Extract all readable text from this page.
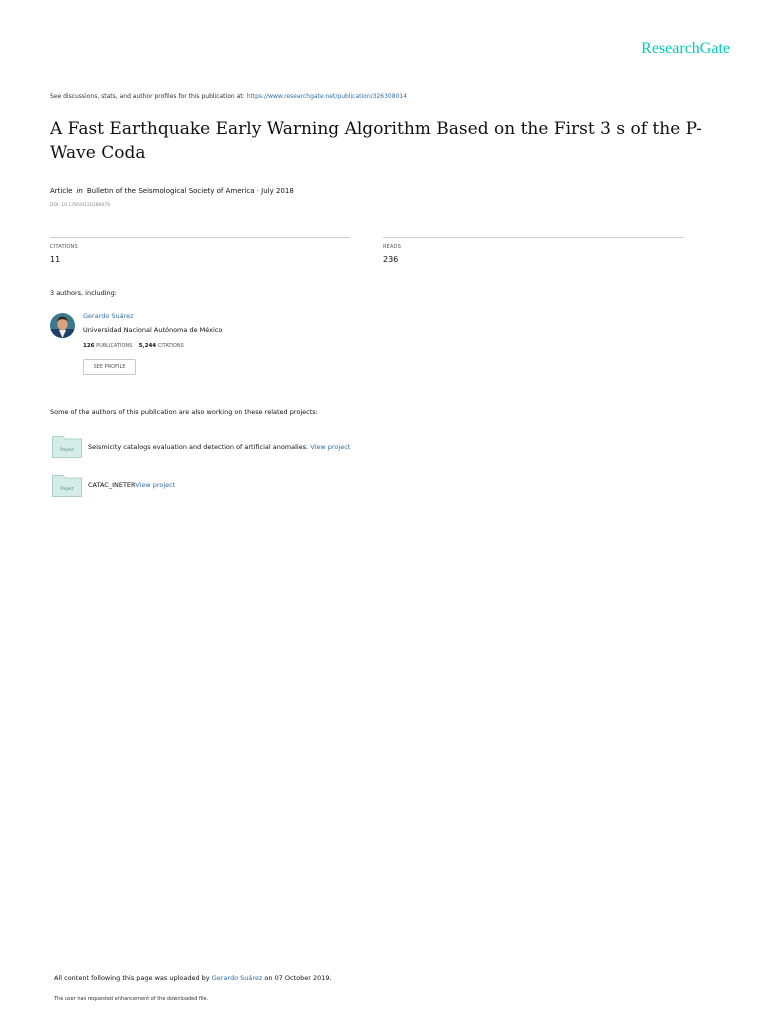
ResearchGate
See discussions, stats, and author profiles for this publication at: https://www.researchgate.net/publication/326308014
A Fast Earthquake Early Warning Algorithm Based on the First 3 s of the P-Wave Coda
Article in Bulletin of the Seismological Society of America · July 2018
DOI: 10.1785/0120180079
CITATIONS
11
READS
236
3 authors, including:
Gerardo Suárez
Universidad Nacional Autónoma de México
126 PUBLICATIONS 5,244 CITATIONS
SEE PROFILE
Some of the authors of this publication are also working on these related projects:
Project Seismicity catalogs evaluation and detection of artificial anomalies. View project
Project CATAC_INETERView project
All content following this page was uploaded by Gerardo Suárez on 07 October 2019.
The user has requested enhancement of the downloaded file.
